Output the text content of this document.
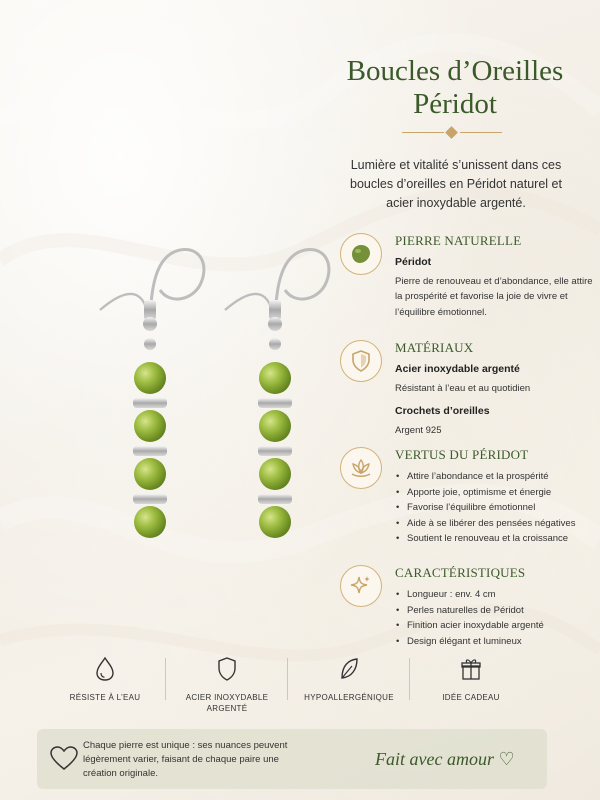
Boucles d’Oreilles
Péridot
Lumière et vitalité s’unissent dans ces boucles d’oreilles en Péridot naturel et acier inoxydable argenté.
PIERRE NATURELLE
Péridot
Pierre de renouveau et d’abondance, elle attire la prospérité et favorise la joie de vivre et l’équilibre émotionnel.
MATÉRIAUX
Acier inoxydable argenté
Résistant à l’eau et au quotidien
Crochets d’oreilles
Argent 925
VERTUS DU PÉRIDOT
• Attire l’abondance et la prospérité
• Apporte joie, optimisme et énergie
• Favorise l’équilibre émotionnel
• Aide à se libérer des pensées négatives
• Soutient le renouveau et la croissance
CARACTÉRISTIQUES
• Longueur : env. 4 cm
• Perles naturelles de Péridot
• Finition acier inoxydable argenté
• Design élégant et lumineux
RÉSISTE À L’EAU	ACIER INOXYDABLE ARGENTÉ
HYPOALLERGÉNIQUE	IDÉE CADEAU
Chaque pierre est unique : ses nuances peuvent légèrement varier, faisant de chaque paire une création originale.
Fait avec amour ♡
